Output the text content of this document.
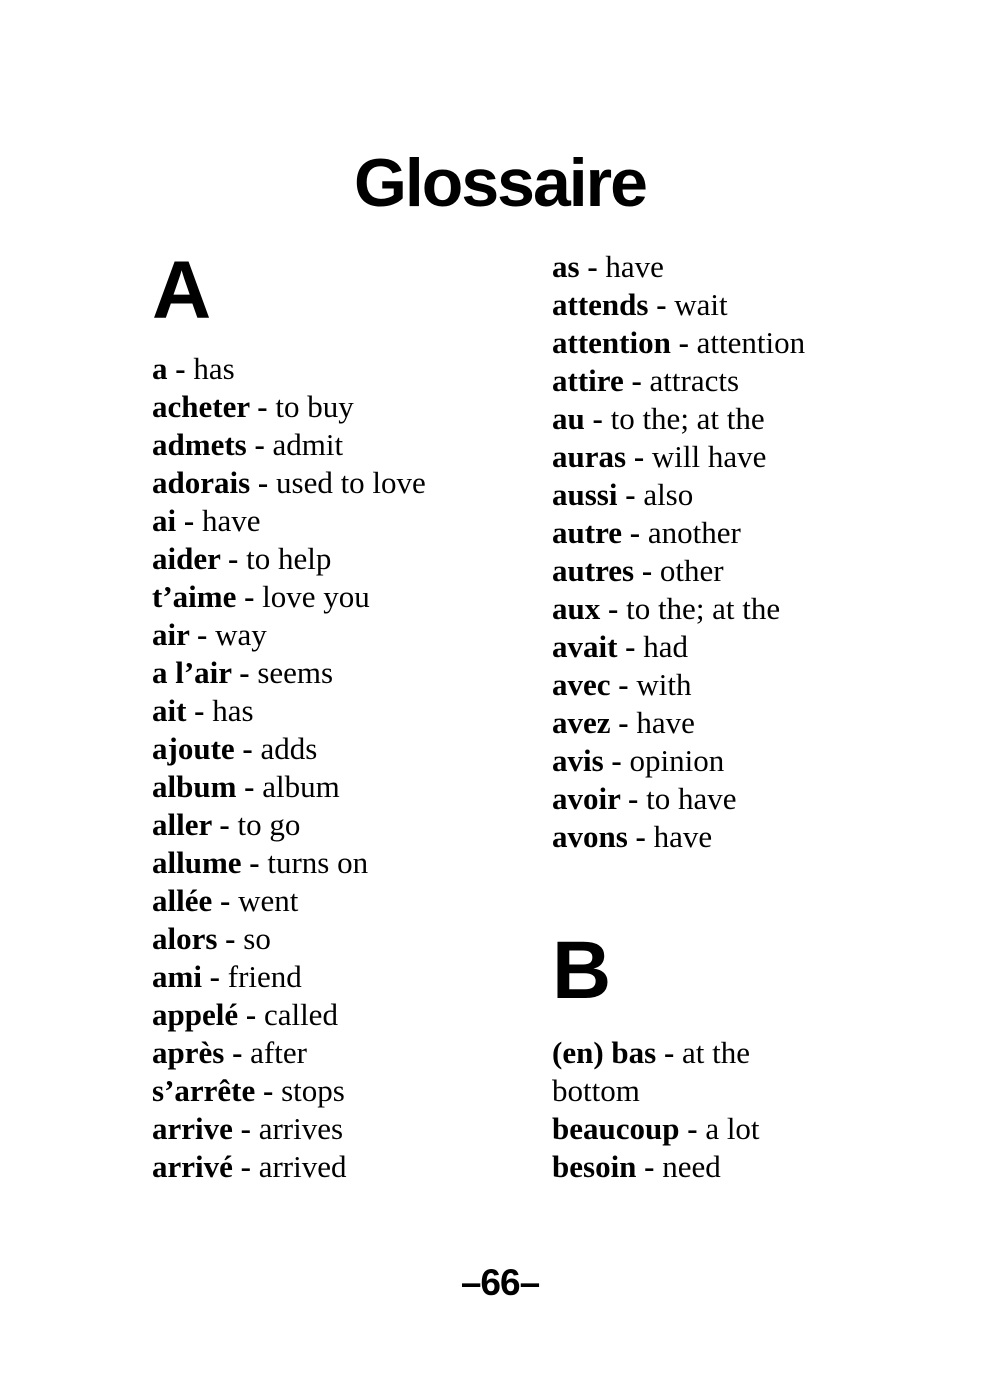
Glossaire
A
a - has
acheter - to buy
admets - admit
adorais - used to love
ai - have
aider - to help
t’aime - love you
air - way
a l’air - seems
ait - has
ajoute - adds
album - album
aller - to go
allume - turns on
allée - went
alors - so
ami - friend
appelé - called
après - after
s’arrête - stops
arrive - arrives
arrivé - arrived
as - have
attends - wait
attention - attention
attire - attracts
au - to the; at the
auras - will have
aussi - also
autre - another
autres - other
aux - to the; at the
avait - had
avec - with
avez - have
avis - opinion
avoir - to have
avons - have
B
(en) bas - at the bottom
beaucoup - a lot
besoin - need
–66–
